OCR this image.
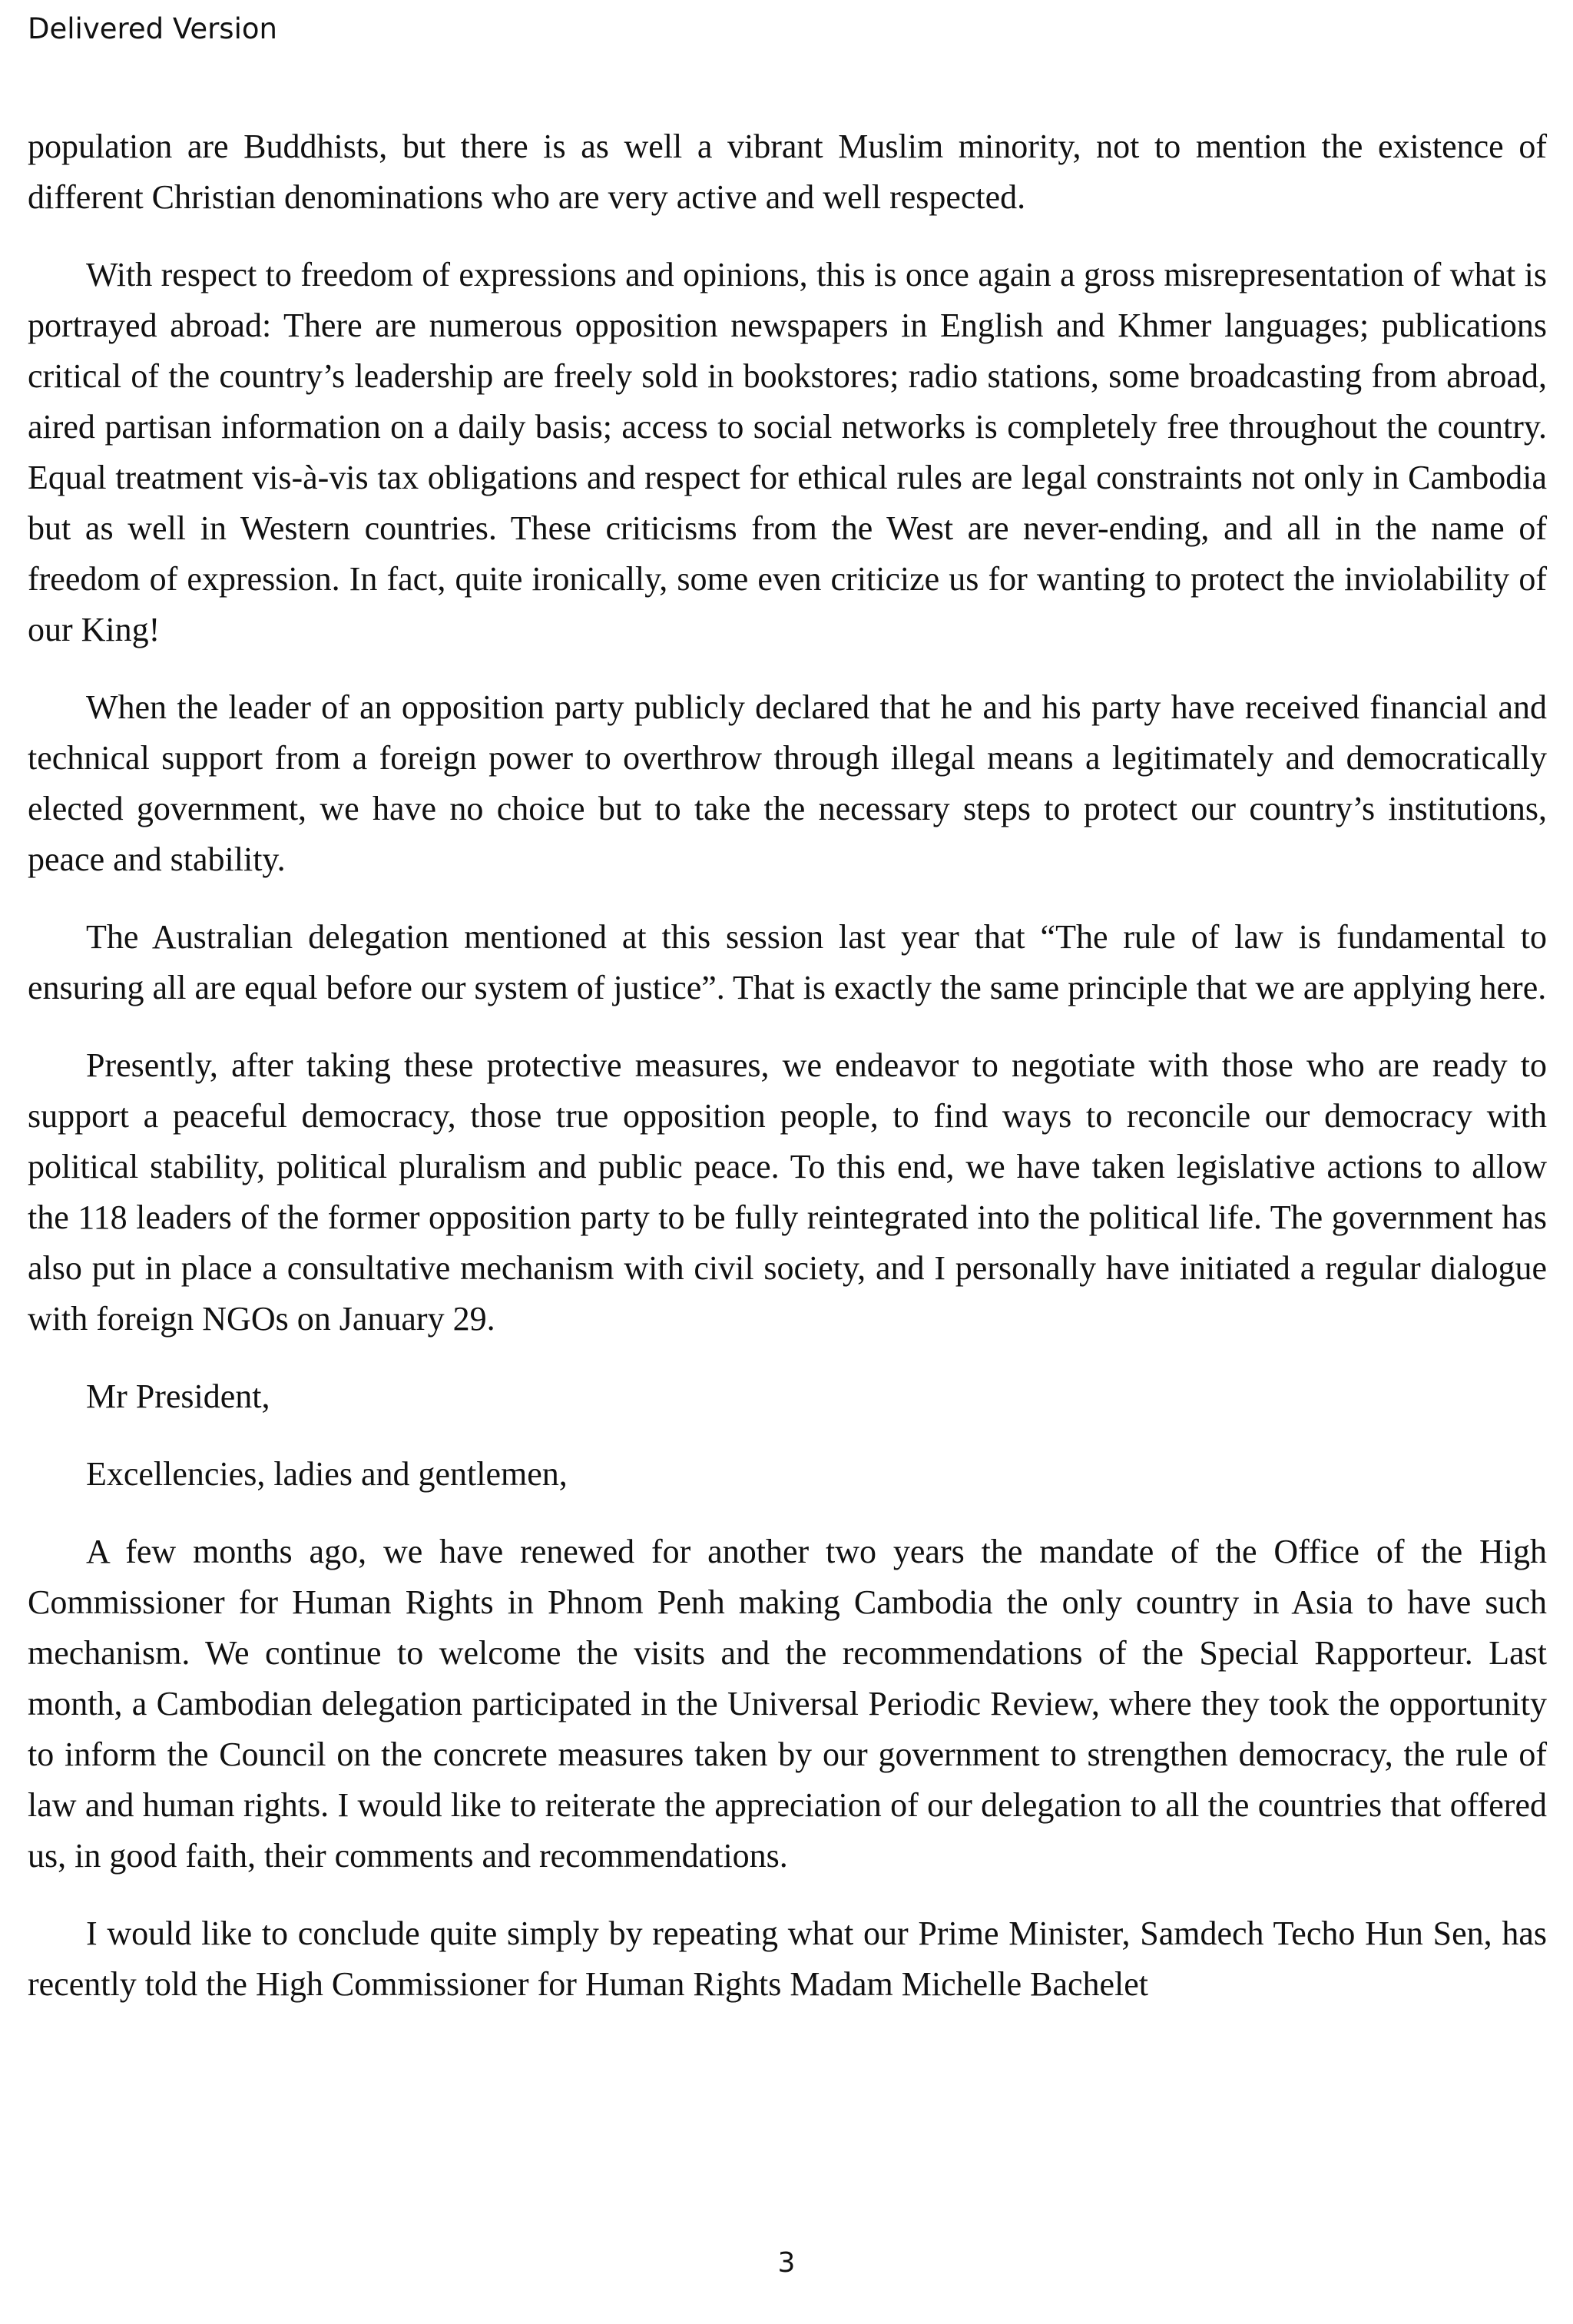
Delivered Version

population are Buddhists, but there is as well a vibrant Muslim minority, not to mention the existence of different Christian denominations who are very active and well respected.

With respect to freedom of expressions and opinions, this is once again a gross misrepresentation of what is portrayed abroad: There are numerous opposition newspapers in English and Khmer languages; publications critical of the country’s leadership are freely sold in bookstores; radio stations, some broadcasting from abroad, aired partisan information on a daily basis; access to social networks is completely free throughout the country. Equal treatment vis-à-vis tax obligations and respect for ethical rules are legal constraints not only in Cambodia but as well in Western countries. These criticisms from the West are never-ending, and all in the name of freedom of expression. In fact, quite ironically, some even criticize us for wanting to protect the inviolability of our King!

When the leader of an opposition party publicly declared that he and his party have received financial and technical support from a foreign power to overthrow through illegal means a legitimately and democratically elected government, we have no choice but to take the necessary steps to protect our country’s institutions, peace and stability.

The Australian delegation mentioned at this session last year that “The rule of law is fundamental to ensuring all are equal before our system of justice”. That is exactly the same principle that we are applying here.

Presently, after taking these protective measures, we endeavor to negotiate with those who are ready to support a peaceful democracy, those true opposition people, to find ways to reconcile our democracy with political stability, political pluralism and public peace. To this end, we have taken legislative actions to allow the 118 leaders of the former opposition party to be fully reintegrated into the political life. The government has also put in place a consultative mechanism with civil society, and I personally have initiated a regular dialogue with foreign NGOs on January 29.

Mr President,

Excellencies, ladies and gentlemen,

A few months ago, we have renewed for another two years the mandate of the Office of the High Commissioner for Human Rights in Phnom Penh making Cambodia the only country in Asia to have such mechanism. We continue to welcome the visits and the recommendations of the Special Rapporteur. Last month, a Cambodian delegation participated in the Universal Periodic Review, where they took the opportunity to inform the Council on the concrete measures taken by our government to strengthen democracy, the rule of law and human rights. I would like to reiterate the appreciation of our delegation to all the countries that offered us, in good faith, their comments and recommendations.

I would like to conclude quite simply by repeating what our Prime Minister, Samdech Techo Hun Sen, has recently told the High Commissioner for Human Rights Madam Michelle Bachelet

3
